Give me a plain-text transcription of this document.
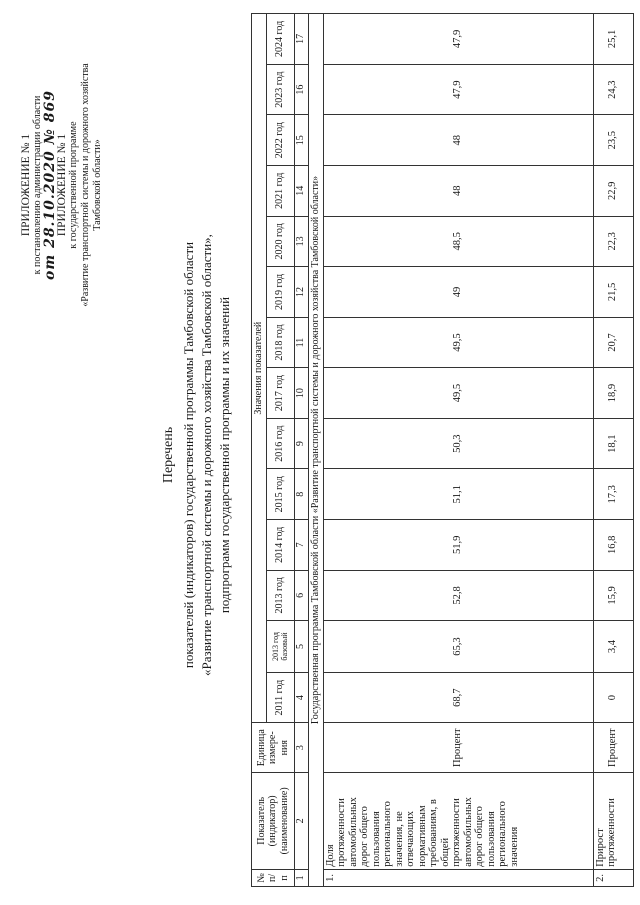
ПРИЛОЖЕНИЕ № 1 к постановлению администрации области от 28.10.2020 № 869
ПРИЛОЖЕНИЕ № 1 к государственной программе «Развитие транспортной системы и дорожного хозяйства Тамбовской области»
Перечень показателей (индикаторов) государственной программы Тамбовской области «Развитие транспортной системы и дорожного хозяйства Тамбовской области», подпрограмм государственной программы и их значений
№ п/п	Показатель (индикатор) (наименование)	Единица измере-ния	Значения показателей													
			2011 год	2013 год базовый	2013 год	2014 год	2015 год	2016 год	2017 год	2018 год	2019 год	2020 год	2021 год	2022 год	2023 год	2024 год
1	2	3	4	5	6	7	8	9	10	11	12	13	14	15	16	17
Государственная программа Тамбовской области «Развитие транспортной системы и дорожного хозяйства Тамбовской области»																
1.	Доля протяженности автомобильных дорог общего пользования регионального значения, не отвечающих нормативным требованиям, в общей протяженности автомобильных дорог общего пользования регионального значения	Процент	68,7	65,3	52,8	51,9	51,1	50,3	49,5	49,5	49	48,5	48	48	47,9	47,9
2.	Прирост протяженности	Процент	0	3,4	15,9	16,8	17,3	18,1	18,9	20,7	21,5	22,3	22,9	23,5	24,3	25,1
